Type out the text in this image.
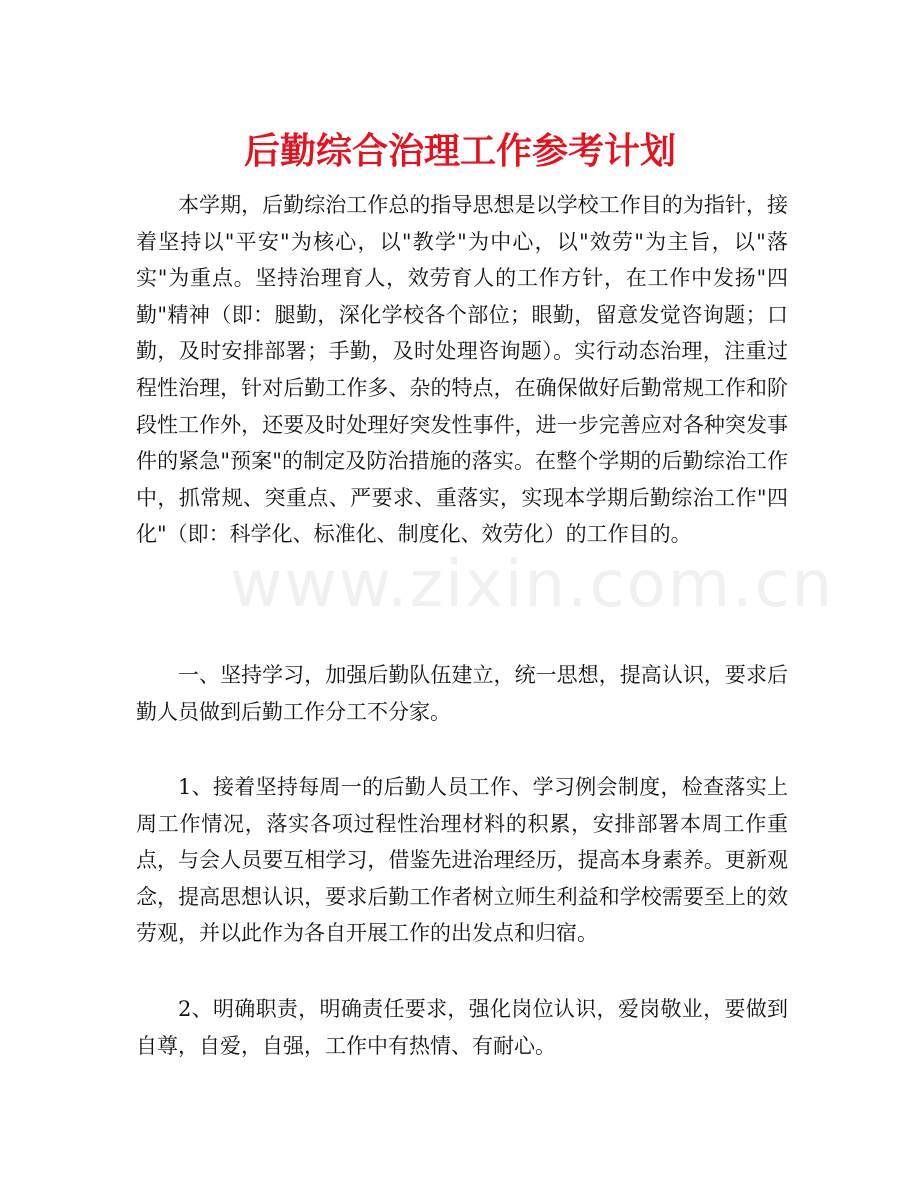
后勤综合治理工作参考计划

本学期，后勤综治工作总的指导思想是以学校工作目的为指针，接着坚持以"平安"为核心，以"教学"为中心，以"效劳"为主旨，以"落实"为重点。坚持治理育人，效劳育人的工作方针，在工作中发扬"四勤"精神（即：腿勤，深化学校各个部位；眼勤，留意发觉咨询题；口勤，及时安排部署；手勤，及时处理咨询题）。实行动态治理，注重过程性治理，针对后勤工作多、杂的特点，在确保做好后勤常规工作和阶段性工作外，还要及时处理好突发性事件，进一步完善应对各种突发事件的紧急"预案"的制定及防治措施的落实。在整个学期的后勤综治工作中，抓常规、突重点、严要求、重落实，实现本学期后勤综治工作"四化"（即：科学化、标准化、制度化、效劳化）的工作目的。

一、坚持学习，加强后勤队伍建立，统一思想，提高认识，要求后勤人员做到后勤工作分工不分家。

1、接着坚持每周一的后勤人员工作、学习例会制度，检查落实上周工作情况，落实各项过程性治理材料的积累，安排部署本周工作重点，与会人员要互相学习，借鉴先进治理经历，提高本身素养。更新观念，提高思想认识，要求后勤工作者树立师生利益和学校需要至上的效劳观，并以此作为各自开展工作的出发点和归宿。

2、明确职责，明确责任要求，强化岗位认识，爱岗敬业，要做到自尊，自爱，自强，工作中有热情、有耐心。

www.zixin.com.cn
